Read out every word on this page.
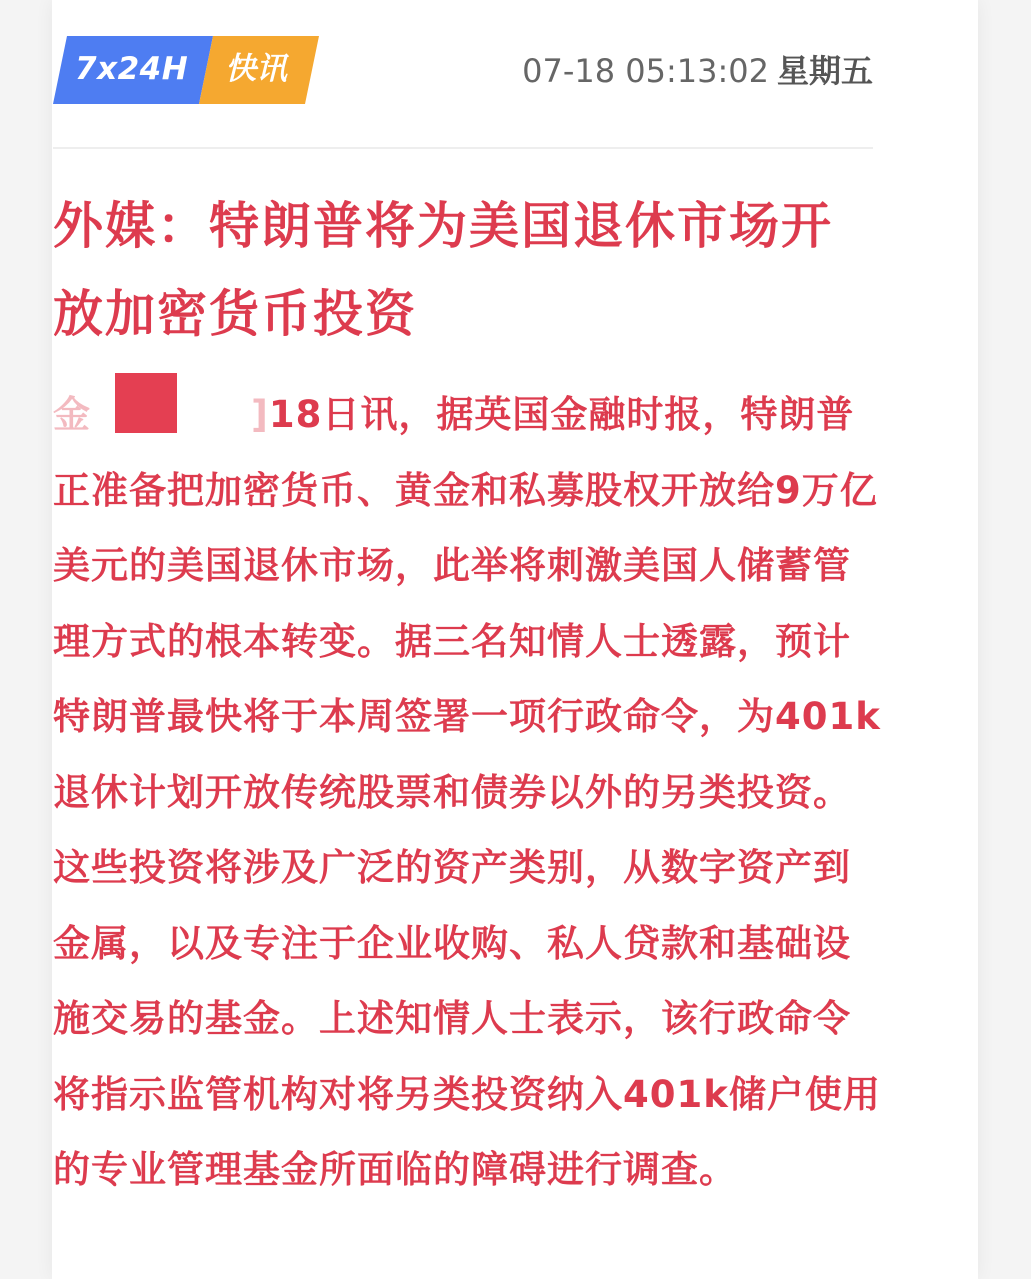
7x24H 快讯	07-18 05:13:02 星期五
外媒：特朗普将为美国退休市场开放加密货币投资

金	]18日讯，据英国金融时报，特朗普正准备把加密货币、黄金和私募股权开放给9万亿美元的美国退休市场，此举将刺激美国人储蓄管理方式的根本转变。据三名知情人士透露，预计特朗普最快将于本周签署一项行政命令，为401k退休计划开放传统股票和债券以外的另类投资。这些投资将涉及广泛的资产类别，从数字资产到金属，以及专注于企业收购、私人贷款和基础设施交易的基金。上述知情人士表示，该行政命令将指示监管机构对将另类投资纳入401k储户使用的专业管理基金所面临的障碍进行调查。
